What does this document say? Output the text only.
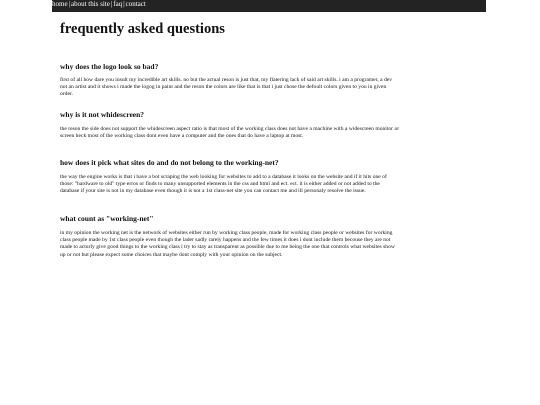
home|about this site|faq|contact
frequently asked questions
why does the logo look so bad?

first of all how dare you insult my incredible art skills. no but the actual reson is just that, my flatering lack of said art skills. i am a programer, a dev not an artist and it shows i made the logog in paint and the reson the colors are like that is that i just chose the defoult colors given to you in given order.

why is it not whidescreen?

the reson the side does not support the whidescreen aspect ratio is that most of the working class does not have a machine with a widescreen monitor or screen heck most of the working class dont even have a computer and the ones that do have a laptop at most.

how does it pick what sites do and do not belong to the working-net?

the way the engine works is that i have a bot scraping the web looking for websites to add to a database it looks on the website and if it hits one of those: "hardware to old" type erros or finds to many unsupported elements in the css and html and ect. ect. it is either added or not added to the database if your site is not in my database even though it is not a 1st class-net site you can contact me and ill personaly resolve the issue.

what count as "working-net"

in my opinion the working net is the network of websites either run by working class people, made for working class people or websites for working class people made by 1st class people even though the lader sadly rarely happens and the few times it does i dont include them becouse they are not made to acturly give good things to the working class i try to stay as transparent as possible due to me being the one that controls what websites show up or not but please expect some choices that maybe dont comply with your opinion on the subject.
